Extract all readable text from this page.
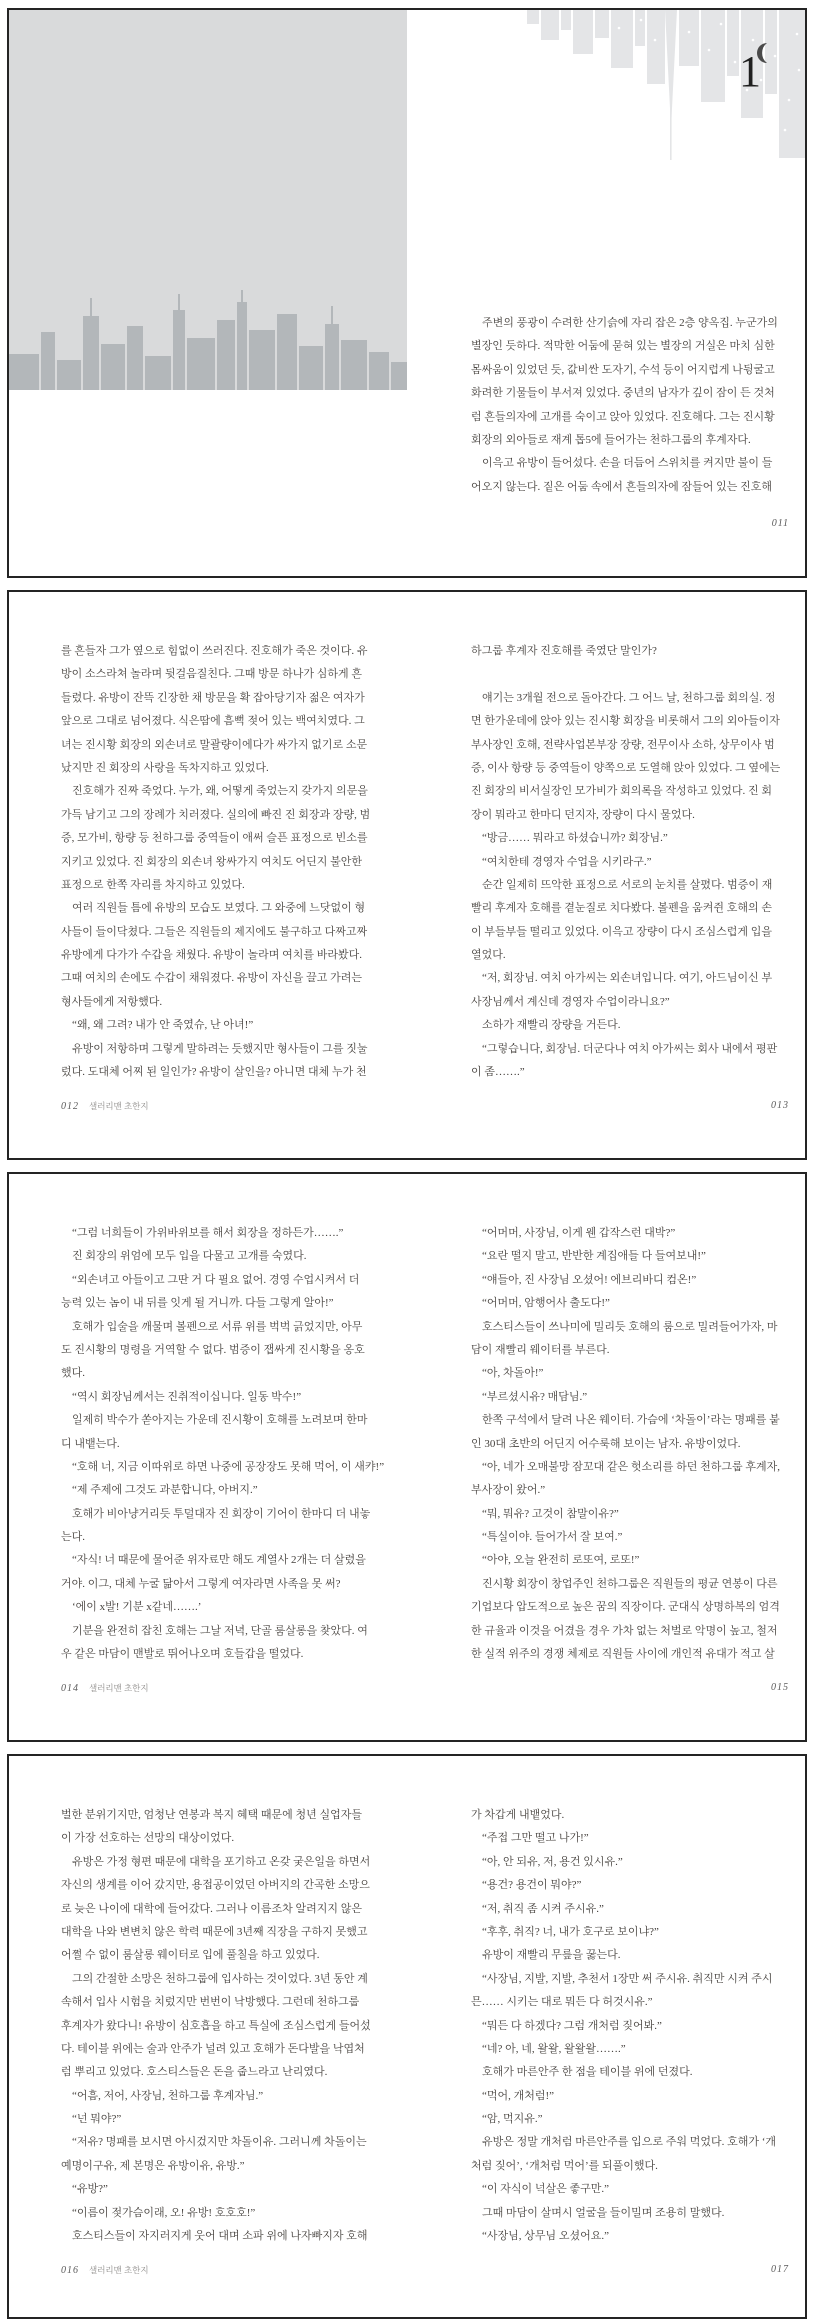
1
　주변의 풍광이 수려한 산기슭에 자리 잡은 2층 양옥집. 누군가의
별장인 듯하다. 적막한 어둠에 묻혀 있는 별장의 거실은 마치 심한
몸싸움이 있었던 듯, 값비싼 도자기, 수석 등이 어지럽게 나뒹굴고
화려한 기물들이 부서져 있었다. 중년의 남자가 깊이 잠이 든 것처
럼 흔들의자에 고개를 숙이고 앉아 있었다. 진호해다. 그는 진시황
회장의 외아들로 재계 톱5에 들어가는 천하그룹의 후계자다.
　이윽고 유방이 들어섰다. 손을 더듬어 스위치를 켜지만 불이 들
어오지 않는다. 짙은 어둠 속에서 흔들의자에 잠들어 있는 진호해
011
를 흔들자 그가 옆으로 힘없이 쓰러진다. 진호해가 죽은 것이다. 유
방이 소스라쳐 놀라며 뒷걸음질친다. 그때 방문 하나가 심하게 흔
들렸다. 유방이 잔뜩 긴장한 채 방문을 확 잡아당기자 젊은 여자가
앞으로 그대로 넘어졌다. 식은땀에 흠뻑 젖어 있는 백여치였다. 그
녀는 진시황 회장의 외손녀로 말괄량이에다가 싸가지 없기로 소문
났지만 진 회장의 사랑을 독차지하고 있었다.
　진호해가 진짜 죽었다. 누가, 왜, 어떻게 죽었는지 갖가지 의문을
가득 남기고 그의 장례가 치러졌다. 실의에 빠진 진 회장과 장량, 범
증, 모가비, 항량 등 천하그룹 중역들이 애써 슬픈 표정으로 빈소를
지키고 있었다. 진 회장의 외손녀 왕싸가지 여치도 어딘지 불안한
표정으로 한쪽 자리를 차지하고 있었다.
　여러 직원들 틈에 유방의 모습도 보였다. 그 와중에 느닷없이 형
사들이 들이닥쳤다. 그들은 직원들의 제지에도 불구하고 다짜고짜
유방에게 다가가 수갑을 채웠다. 유방이 놀라며 여치를 바라봤다.
그때 여치의 손에도 수갑이 채워졌다. 유방이 자신을 끌고 가려는
형사들에게 저항했다.
　“왜, 왜 그려? 내가 안 죽였슈, 난 아녀!”
　유방이 저항하며 그렇게 말하려는 듯했지만 형사들이 그를 짓눌
렀다. 도대체 어찌 된 일인가? 유방이 살인을? 아니면 대체 누가 천
012 샐러리맨 초한지
하그룹 후계자 진호해를 죽였단 말인가?
　얘기는 3개월 전으로 돌아간다. 그 어느 날, 천하그룹 회의실. 정
면 한가운데에 앉아 있는 진시황 회장을 비롯해서 그의 외아들이자
부사장인 호해, 전략사업본부장 장량, 전무이사 소하, 상무이사 범
증, 이사 항량 등 중역들이 양쪽으로 도열해 앉아 있었다. 그 옆에는
진 회장의 비서실장인 모가비가 회의록을 작성하고 있었다. 진 회
장이 뭐라고 한마디 던지자, 장량이 다시 물었다.
　“방금…… 뭐라고 하셨습니까? 회장님.”
　“여치한테 경영자 수업을 시키라구.”
　순간 일제히 뜨악한 표정으로 서로의 눈치를 살폈다. 범증이 재
빨리 후계자 호해를 곁눈질로 치다봤다. 볼펜을 움켜쥔 호해의 손
이 부들부들 떨리고 있었다. 이윽고 장량이 다시 조심스럽게 입을
열었다.
　“저, 회장님. 여치 아가씨는 외손녀입니다. 여기, 아드님이신 부
사장님께서 계신데 경영자 수업이라니요?”
　소하가 재빨리 장량을 거든다.
　“그렇습니다, 회장님. 더군다나 여치 아가씨는 회사 내에서 평판
이 좀…….”
013
　“그럼 너희들이 가위바위보를 해서 회장을 정하든가…….”
　진 회장의 위엄에 모두 입을 다물고 고개를 숙였다.
　“외손녀고 아들이고 그딴 거 다 필요 없어. 경영 수업시켜서 더
능력 있는 놈이 내 뒤를 잇게 될 거니까. 다들 그렇게 알아!”
　호해가 입술을 깨물며 볼펜으로 서류 위를 벅벅 긁었지만, 아무
도 진시황의 명령을 거역할 수 없다. 범증이 잽싸게 진시황을 옹호
했다.
　“역시 회장님께서는 진취적이십니다. 일동 박수!”
　일제히 박수가 쏟아지는 가운데 진시황이 호해를 노려보며 한마
디 내뱉는다.
　“호해 너, 지금 이따위로 하면 나중에 공장장도 못해 먹어, 이 새캬!”
　“제 주제에 그것도 과분합니다, 아버지.”
　호해가 비아냥거리듯 투덜대자 진 회장이 기어이 한마디 더 내놓
는다.
　“자식! 너 때문에 물어준 위자료만 해도 계열사 2개는 더 살렸을
거야. 이그, 대체 누굴 닮아서 그렇게 여자라면 사족을 못 써?
　‘에이 x발! 기분 x같네…….’
　기분을 완전히 잡친 호해는 그날 저녁, 단골 룸살롱을 찾았다. 여
우 같은 마담이 맨발로 뛰어나오며 호들갑을 떨었다.
014 샐러리맨 초한지
　“어머머, 사장님, 이게 웬 갑작스런 대박?”
　“요란 떨지 말고, 반반한 계집애들 다 들여보내!”
　“얘들아, 진 사장님 오셨어! 에브리바디 컴온!”
　“어머머, 암행어사 출도다!”
　호스티스들이 쓰나미에 밀리듯 호해의 룸으로 밀려들어가자, 마
담이 재빨리 웨이터를 부른다.
　“아, 차돌아!”
　“부르셨시유? 매담님.”
　한쪽 구석에서 달려 나온 웨이터. 가슴에 ‘차돌이’라는 명패를 붙
인 30대 초반의 어딘지 어수룩해 보이는 남자. 유방이었다.
　“아, 네가 오매불망 잠꼬대 같은 헛소리를 하던 천하그룹 후계자,
부사장이 왔어.”
　“뭐, 뭐유? 고것이 참말이유?”
　“특실이야. 들어가서 잘 보여.”
　“아야, 오늘 완전히 로또여, 로또!”
　진시황 회장이 창업주인 천하그룹은 직원들의 평균 연봉이 다른
기업보다 압도적으로 높은 꿈의 직장이다. 군대식 상명하복의 엄격
한 규율과 이것을 어겼을 경우 가차 없는 처벌로 악명이 높고, 철저
한 실적 위주의 경쟁 체제로 직원들 사이에 개인적 유대가 적고 살
015
벌한 분위기지만, 엄청난 연봉과 복지 혜택 때문에 청년 실업자들
이 가장 선호하는 선망의 대상이었다.
　유방은 가정 형편 때문에 대학을 포기하고 온갖 궂은일을 하면서
자신의 생계를 이어 갔지만, 용접공이었던 아버지의 간곡한 소망으
로 늦은 나이에 대학에 들어갔다. 그러나 이름조차 알려지지 않은
대학을 나와 변변치 않은 학력 때문에 3년째 직장을 구하지 못했고
어쩔 수 없이 룸살롱 웨이터로 입에 풀칠을 하고 있었다.
　그의 간절한 소망은 천하그룹에 입사하는 것이었다. 3년 동안 계
속해서 입사 시험을 치렀지만 번번이 낙방했다. 그런데 천하그룹
후계자가 왔다니! 유방이 심호흡을 하고 특실에 조심스럽게 들어섰
다. 테이블 위에는 술과 안주가 널려 있고 호해가 돈다발을 낙엽처
럼 뿌리고 있었다. 호스티스들은 돈을 줍느라고 난리였다.
　“어흠, 저어, 사장님, 천하그룹 후계자님.”
　“넌 뭐야?”
　“저유? 명패를 보시면 아시겄지만 차돌이유. 그러니께 차돌이는
예명이구유, 제 본명은 유방이유, 유방.”
　“유방?”
　“이름이 젖가슴이래, 오! 유방! 호호호!”
　호스티스들이 자지러지게 웃어 대며 소파 위에 나자빠지자 호해
016 샐러리맨 초한지
가 차갑게 내뱉었다.
　“주접 그만 떨고 나가!”
　“아, 안 되유, 저, 용건 있시유.”
　“용건? 용건이 뭐야?”
　“저, 취직 좀 시켜 주시유.”
　“후후, 취직? 너, 내가 호구로 보이냐?”
　유방이 재빨리 무릎을 꿇는다.
　“사장님, 지발, 지발, 추천서 1장만 써 주시유. 취직만 시켜 주시
믄…… 시키는 대로 뭐든 다 허것시유.”
　“뭐든 다 하겠다? 그럼 개처럼 짖어봐.”
　“네? 아, 네, 왈왈, 왈왈왈…….”
　호해가 마른안주 한 점을 테이블 위에 던졌다.
　“먹어, 개처럼!”
　“암, 먹지유.”
　유방은 정말 개처럼 마른안주를 입으로 주워 먹었다. 호해가 ‘개
처럼 짖어’, ‘개처럼 먹어’를 되풀이했다.
　“이 자식이 넉살은 좋구만.”
　그때 마담이 살며시 얼굴을 들이밀며 조용히 말했다.
　“사장님, 상무님 오셨어요.”
017
